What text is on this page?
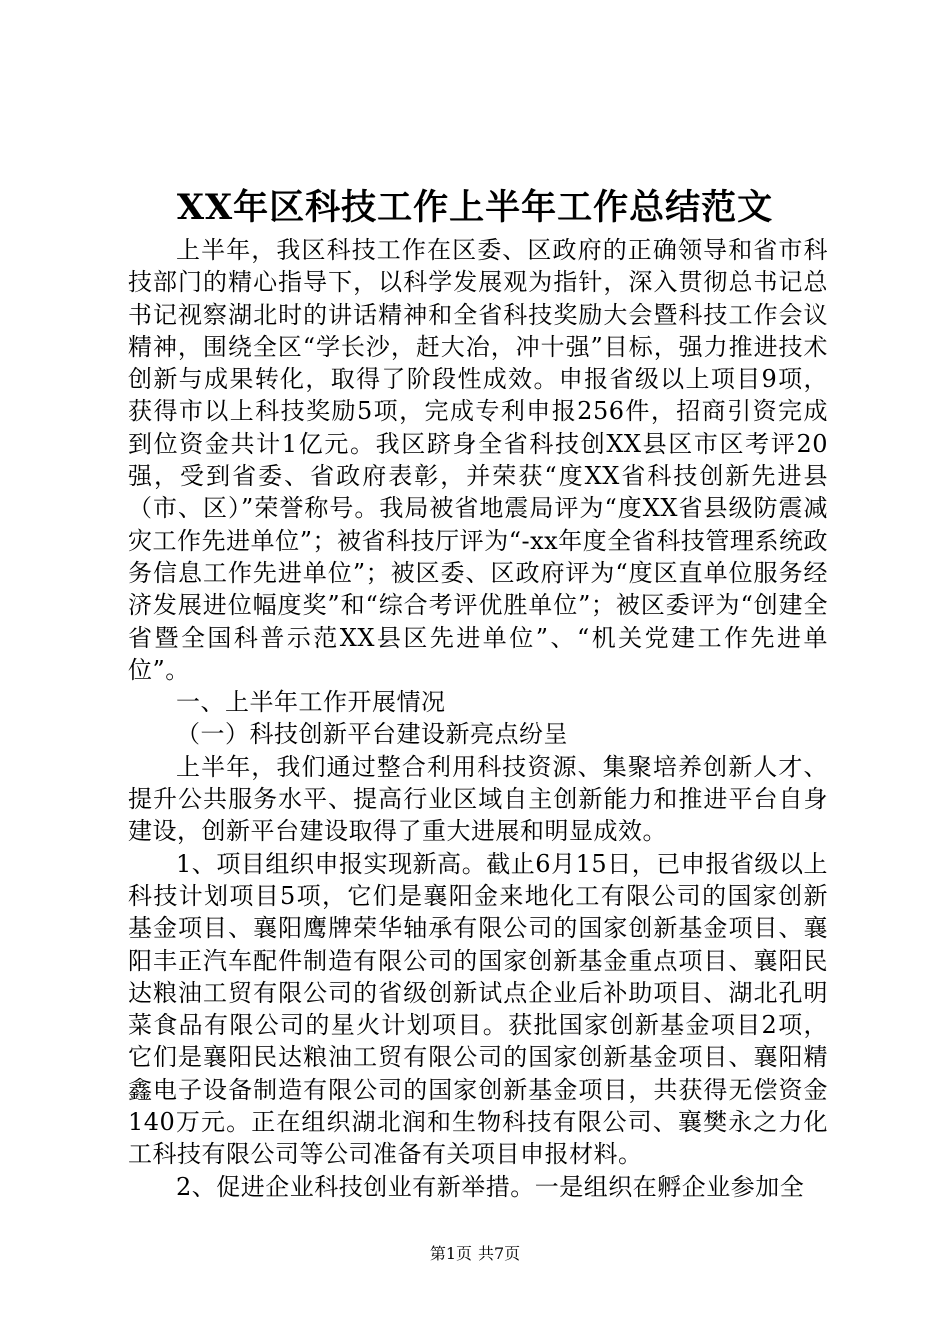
XX年区科技工作上半年工作总结范文

上半年，我区科技工作在区委、区政府的正确领导和省市科技部门的精心指导下，以科学发展观为指针，深入贯彻总书记总书记视察湖北时的讲话精神和全省科技奖励大会暨科技工作会议精神，围绕全区“学长沙，赶大冶，冲十强”目标，强力推进技术创新与成果转化，取得了阶段性成效。申报省级以上项目9项，获得市以上科技奖励5项，完成专利申报256件，招商引资完成到位资金共计1亿元。我区跻身全省科技创XX县区市区考评20强，受到省委、省政府表彰，并荣获“度XX省科技创新先进县（市、区）”荣誉称号。我局被省地震局评为“度XX省县级防震减灾工作先进单位”；被省科技厅评为“-xx年度全省科技管理系统政务信息工作先进单位”；被区委、区政府评为“度区直单位服务经济发展进位幅度奖”和“综合考评优胜单位”；被区委评为“创建全省暨全国科普示范XX县区先进单位”、“机关党建工作先进单位”。

一、上半年工作开展情况

（一）科技创新平台建设新亮点纷呈

上半年，我们通过整合利用科技资源、集聚培养创新人才、提升公共服务水平、提高行业区域自主创新能力和推进平台自身建设，创新平台建设取得了重大进展和明显成效。

1、项目组织申报实现新高。截止6月15日，已申报省级以上科技计划项目5项，它们是襄阳金来地化工有限公司的国家创新基金项目、襄阳鹰牌荣华轴承有限公司的国家创新基金项目、襄阳丰正汽车配件制造有限公司的国家创新基金重点项目、襄阳民达粮油工贸有限公司的省级创新试点企业后补助项目、湖北孔明菜食品有限公司的星火计划项目。获批国家创新基金项目2项，它们是襄阳民达粮油工贸有限公司的国家创新基金项目、襄阳精鑫电子设备制造有限公司的国家创新基金项目，共获得无偿资金140万元。正在组织湖北润和生物科技有限公司、襄樊永之力化工科技有限公司等公司准备有关项目申报材料。

2、促进企业科技创业有新举措。一是组织在孵企业参加全

第1页 共7页
